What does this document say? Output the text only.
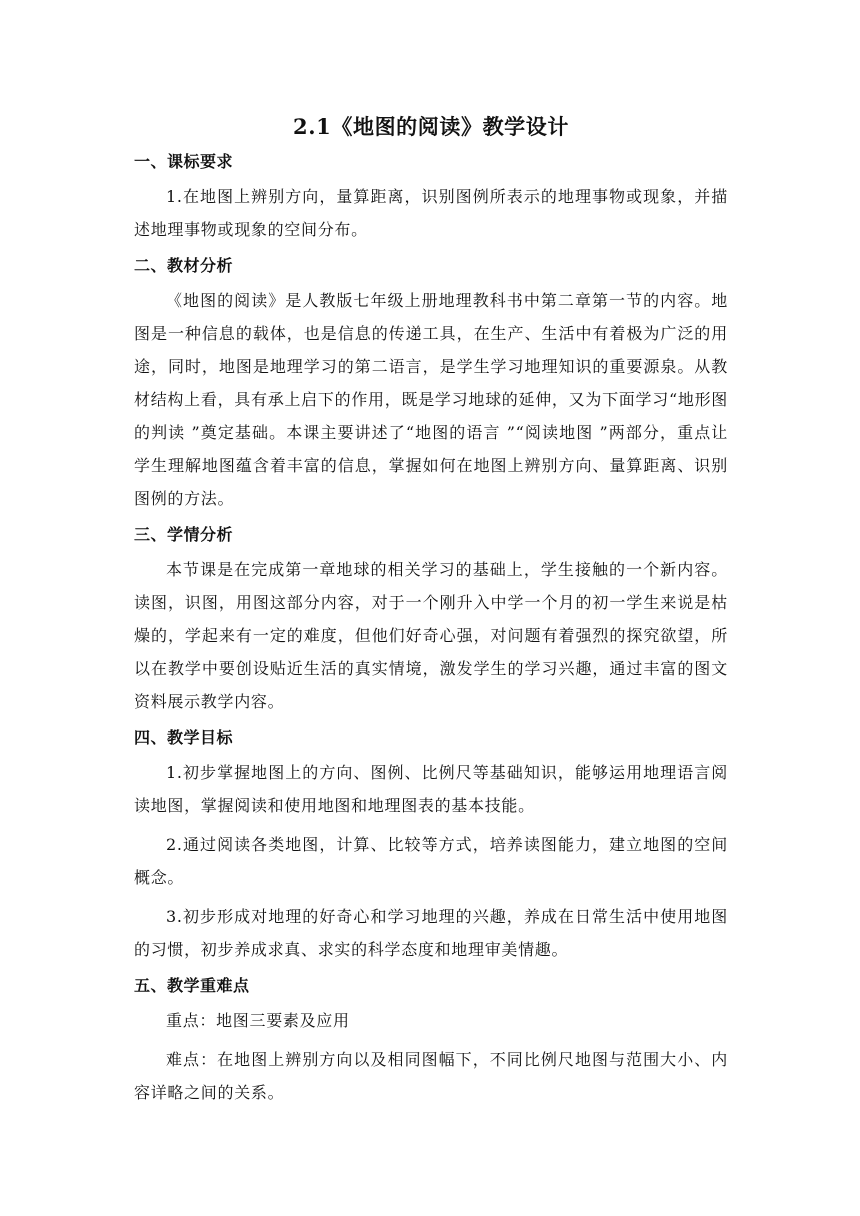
2.1《地图的阅读》教学设计
一、课标要求

1.在地图上辨别方向，量算距离，识别图例所表示的地理事物或现象，并描述地理事物或现象的空间分布。

二、教材分析

《地图的阅读》是人教版七年级上册地理教科书中第二章第一节的内容。地图是一种信息的载体，也是信息的传递工具，在生产、生活中有着极为广泛的用途，同时，地图是地理学习的第二语言，是学生学习地理知识的重要源泉。从教材结构上看，具有承上启下的作用，既是学习地球的延伸，又为下面学习“地形图的判读 ”奠定基础。本课主要讲述了“地图的语言 ”“阅读地图 ”两部分，重点让学生理解地图蕴含着丰富的信息，掌握如何在地图上辨别方向、量算距离、识别图例的方法。

三、学情分析

本节课是在完成第一章地球的相关学习的基础上，学生接触的一个新内容。读图，识图，用图这部分内容，对于一个刚升入中学一个月的初一学生来说是枯燥的，学起来有一定的难度，但他们好奇心强，对问题有着强烈的探究欲望，所以在教学中要创设贴近生活的真实情境，激发学生的学习兴趣，通过丰富的图文资料展示教学内容。

四、教学目标

1.初步掌握地图上的方向、图例、比例尺等基础知识，能够运用地理语言阅读地图，掌握阅读和使用地图和地理图表的基本技能。

2.通过阅读各类地图，计算、比较等方式，培养读图能力，建立地图的空间概念。

3.初步形成对地理的好奇心和学习地理的兴趣，养成在日常生活中使用地图的习惯，初步养成求真、求实的科学态度和地理审美情趣。

五、教学重难点

重点：地图三要素及应用

难点：在地图上辨别方向以及相同图幅下，不同比例尺地图与范围大小、内容详略之间的关系。
